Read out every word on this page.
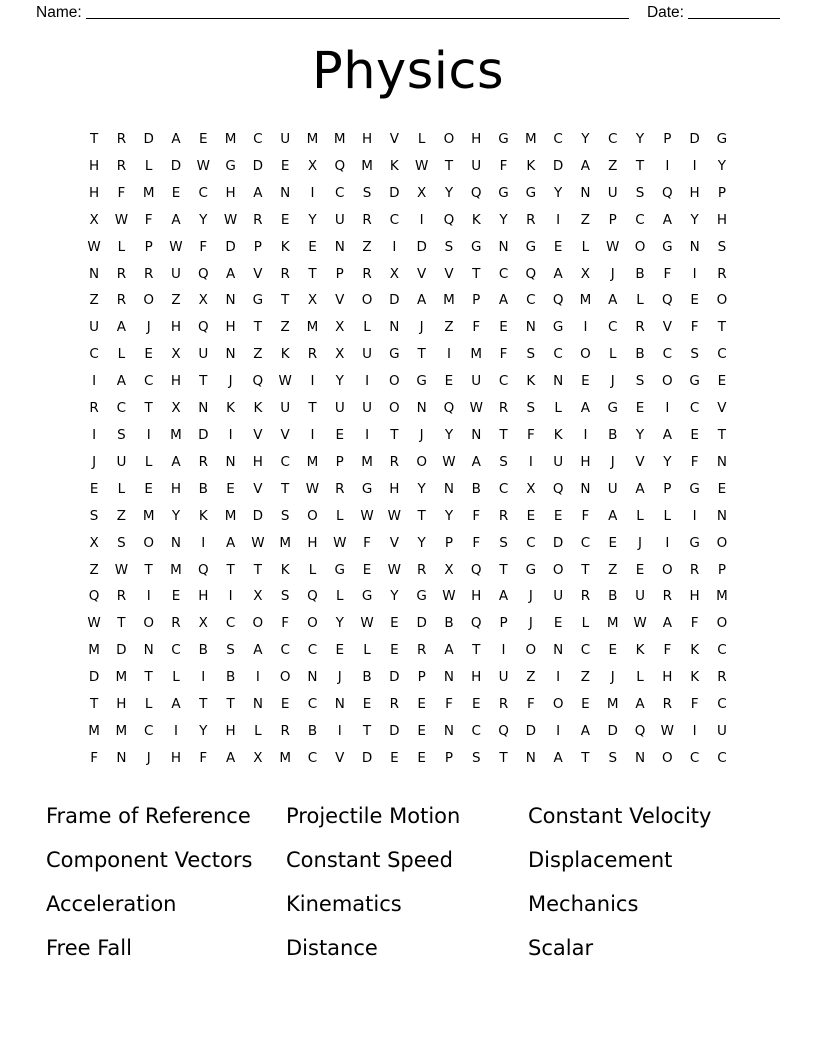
Name:	Date:
Physics
T	R	D	A	E	M	C	U	M	M	H	V	L	O	H	G	M	C	Y	C	Y	P	D	G
H	R	L	D	W	G	D	E	X	Q	M	K	W	T	U	F	K	D	A	Z	T	I	I	Y
H	F	M	E	C	H	A	N	I	C	S	D	X	Y	Q	G	G	Y	N	U	S	Q	H	P
X	W	F	A	Y	W	R	E	Y	U	R	C	I	Q	K	Y	R	I	Z	P	C	A	Y	H
W	L	P	W	F	D	P	K	E	N	Z	I	D	S	G	N	G	E	L	W	O	G	N	S
N	R	R	U	Q	A	V	R	T	P	R	X	V	V	T	C	Q	A	X	J	B	F	I	R
Z	R	O	Z	X	N	G	T	X	V	O	D	A	M	P	A	C	Q	M	A	L	Q	E	O
U	A	J	H	Q	H	T	Z	M	X	L	N	J	Z	F	E	N	G	I	C	R	V	F	T
C	L	E	X	U	N	Z	K	R	X	U	G	T	I	M	F	S	C	O	L	B	C	S	C
I	A	C	H	T	J	Q	W	I	Y	I	O	G	E	U	C	K	N	E	J	S	O	G	E
R	C	T	X	N	K	K	U	T	U	U	O	N	Q	W	R	S	L	A	G	E	I	C	V
I	S	I	M	D	I	V	V	I	E	I	T	J	Y	N	T	F	K	I	B	Y	A	E	T
J	U	L	A	R	N	H	C	M	P	M	R	O	W	A	S	I	U	H	J	V	Y	F	N
E	L	E	H	B	E	V	T	W	R	G	H	Y	N	B	C	X	Q	N	U	A	P	G	E
S	Z	M	Y	K	M	D	S	O	L	W	W	T	Y	F	R	E	E	F	A	L	L	I	N
X	S	O	N	I	A	W	M	H	W	F	V	Y	P	F	S	C	D	C	E	J	I	G	O
Z	W	T	M	Q	T	T	K	L	G	E	W	R	X	Q	T	G	O	T	Z	E	O	R	P
Q	R	I	E	H	I	X	S	Q	L	G	Y	G	W	H	A	J	U	R	B	U	R	H	M
W	T	O	R	X	C	O	F	O	Y	W	E	D	B	Q	P	J	E	L	M	W	A	F	O
M	D	N	C	B	S	A	C	C	E	L	E	R	A	T	I	O	N	C	E	K	F	K	C
D	M	T	L	I	B	I	O	N	J	B	D	P	N	H	U	Z	I	Z	J	L	H	K	R
T	H	L	A	T	T	N	E	C	N	E	R	E	F	E	R	F	O	E	M	A	R	F	C
M	M	C	I	Y	H	L	R	B	I	T	D	E	N	C	Q	D	I	A	D	Q	W	I	U
F	N	J	H	F	A	X	M	C	V	D	E	E	P	S	T	N	A	T	S	N	O	C	C
Frame of Reference	Projectile Motion	Constant Velocity
Component Vectors	Constant Speed	Displacement
Acceleration	Kinematics	Mechanics
Free Fall	Distance	Scalar
